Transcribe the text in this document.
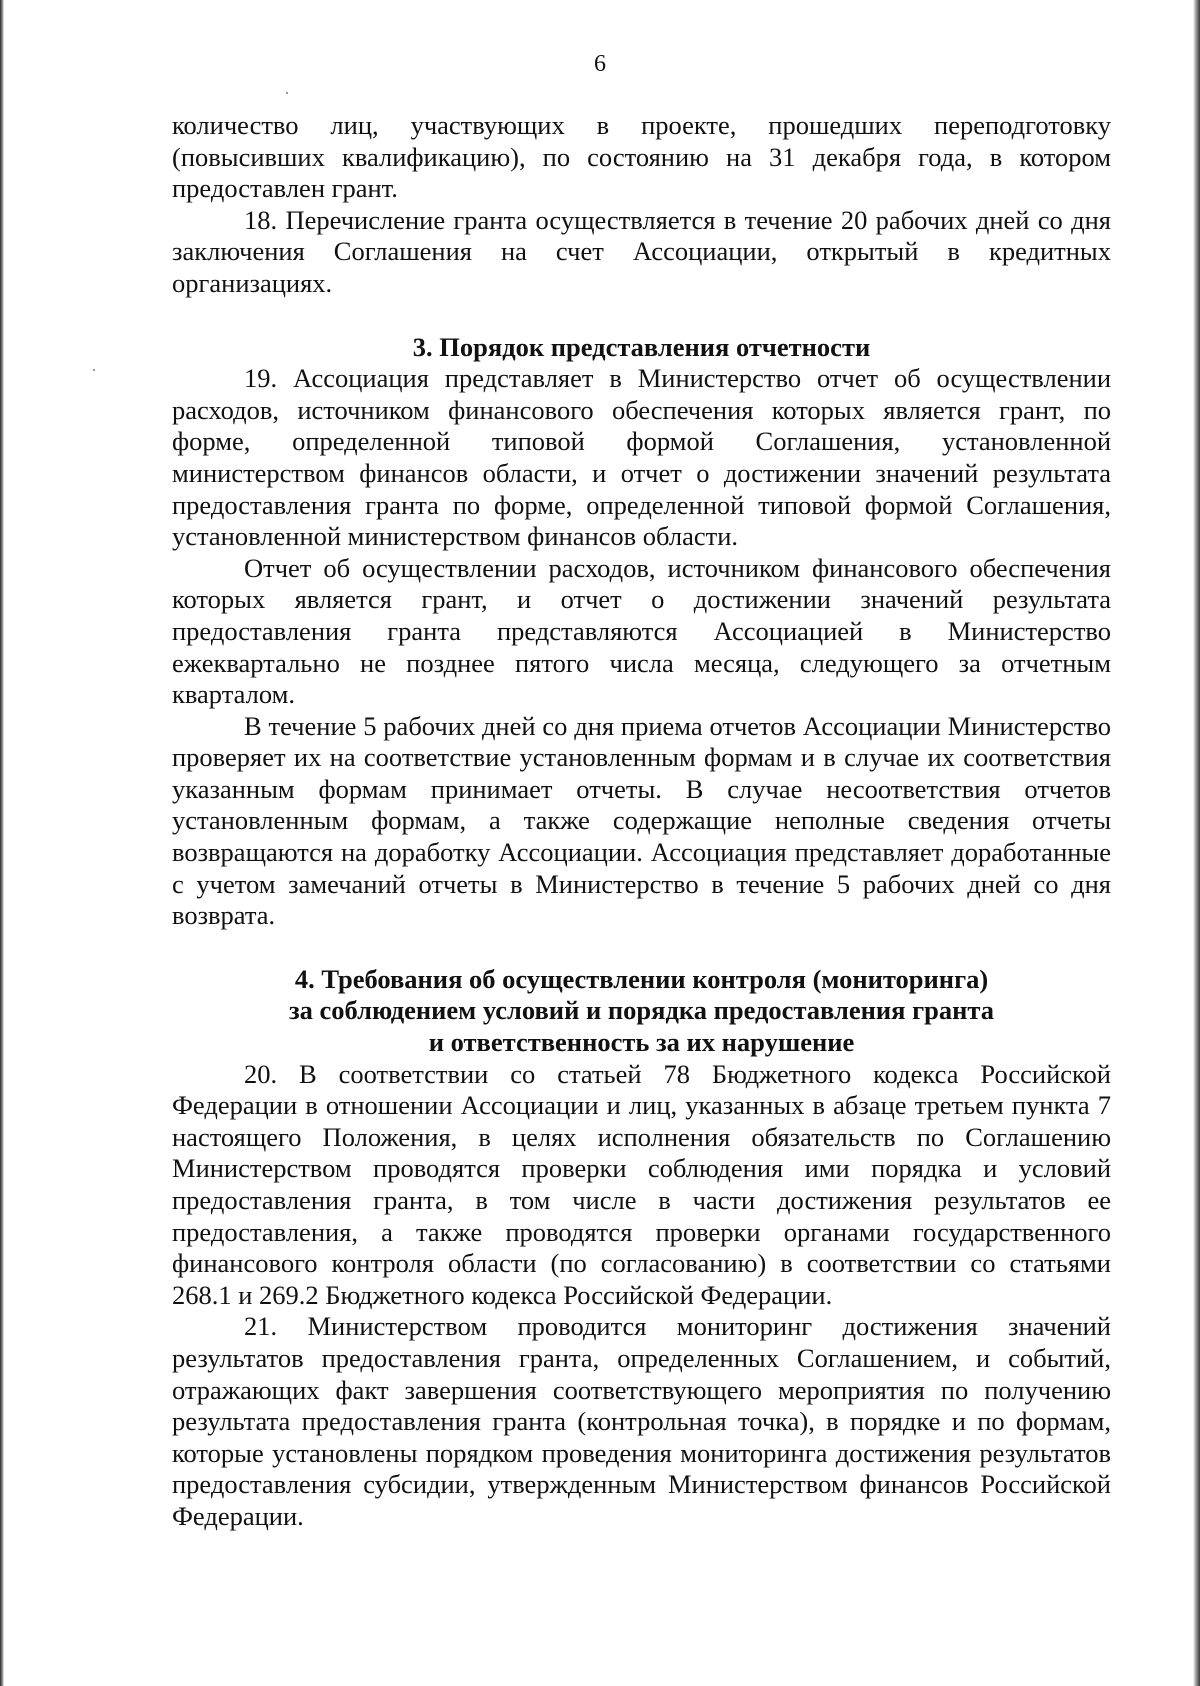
6

количество лиц, участвующих в проекте, прошедших переподготовку (повысивших квалификацию), по состоянию на 31 декабря года, в котором предоставлен грант.

18. Перечисление гранта осуществляется в течение 20 рабочих дней со дня заключения Соглашения на счет Ассоциации, открытый в кредитных организациях.

3. Порядок представления отчетности

19. Ассоциация представляет в Министерство отчет об осуществлении расходов, источником финансового обеспечения которых является грант, по форме, определенной типовой формой Соглашения, установленной министерством финансов области, и отчет о достижении значений результата предоставления гранта по форме, определенной типовой формой Соглашения, установленной министерством финансов области.

Отчет об осуществлении расходов, источником финансового обеспечения которых является грант, и отчет о достижении значений результата предоставления гранта представляются Ассоциацией в Министерство ежеквартально не позднее пятого числа месяца, следующего за отчетным кварталом.

В течение 5 рабочих дней со дня приема отчетов Ассоциации Министерство проверяет их на соответствие установленным формам и в случае их соответствия указанным формам принимает отчеты. В случае несоответствия отчетов установленным формам, а также содержащие неполные сведения отчеты возвращаются на доработку Ассоциации. Ассоциация представляет доработанные с учетом замечаний отчеты в Министерство в течение 5 рабочих дней со дня возврата.

4. Требования об осуществлении контроля (мониторинга)
за соблюдением условий и порядка предоставления гранта
и ответственность за их нарушение

20. В соответствии со статьей 78 Бюджетного кодекса Российской Федерации в отношении Ассоциации и лиц, указанных в абзаце третьем пункта 7 настоящего Положения, в целях исполнения обязательств по Соглашению Министерством проводятся проверки соблюдения ими порядка и условий предоставления гранта, в том числе в части достижения результатов ее предоставления, а также проводятся проверки органами государственного финансового контроля области (по согласованию) в соответствии со статьями 268.1 и 269.2 Бюджетного кодекса Российской Федерации.

21. Министерством проводится мониторинг достижения значений результатов предоставления гранта, определенных Соглашением, и событий, отражающих факт завершения соответствующего мероприятия по получению результата предоставления гранта (контрольная точка), в порядке и по формам, которые установлены порядком проведения мониторинга достижения результатов предоставления субсидии, утвержденным Министерством финансов Российской Федерации.
